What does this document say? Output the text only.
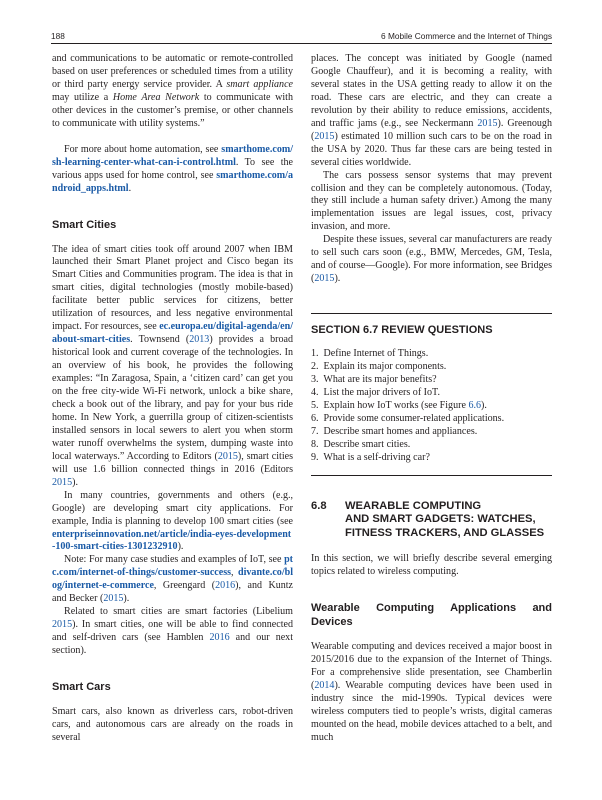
188	6 Mobile Commerce and the Internet of Things

and communications to be automatic or remote-controlled based on user preferences or scheduled times from a utility or third party energy service provider. A smart appliance may utilize a Home Area Network to communicate with other devices in the customer’s premise, or other channels to communicate with utility systems.”

For more about home automation, see smarthome.com/sh-learning-center-what-can-i-control.html. To see the various apps used for home control, see smarthome.com/android_apps.html.

Smart Cities

The idea of smart cities took off around 2007 when IBM launched their Smart Planet project and Cisco began its Smart Cities and Communities program. The idea is that in smart cities, digital technologies (mostly mobile-based) facilitate better public services for citizens, better utilization of resources, and less negative environmental impact. For resources, see ec.europa.eu/digital-agenda/en/about-smart-cities. Townsend (2013) provides a broad historical look and current coverage of the technologies. In an overview of his book, he provides the following examples: “In Zaragosa, Spain, a ‘citizen card’ can get you on the free city-wide Wi-Fi network, unlock a bike share, check a book out of the library, and pay for your bus ride home. In New York, a guerrilla group of citizen-scientists installed sensors in local sewers to alert you when storm water runoff overwhelms the system, dumping waste into local waterways.” According to Editors (2015), smart cities will use 1.6 billion connected things in 2016 (Editors 2015).

In many countries, governments and others (e.g., Google) are developing smart city applications. For example, India is planning to develop 100 smart cities (see enterpriseinnovation.net/article/india-eyes-development-100-smart-cities-1301232910).

Note: For many case studies and examples of IoT, see ptc.com/internet-of-things/customer-success, divante.co/blog/internet-e-commerce, Greengard (2016), and Kuntz and Becker (2015).

Related to smart cities are smart factories (Libelium 2015). In smart cities, one will be able to find connected and self-driven cars (see Hamblen 2016 and our next section).

Smart Cars

Smart cars, also known as driverless cars, robot-driven cars, and autonomous cars are already on the roads in several

places. The concept was initiated by Google (named Google Chauffeur), and it is becoming a reality, with several states in the USA getting ready to allow it on the road. These cars are electric, and they can create a revolution by their ability to reduce emissions, accidents, and traffic jams (e.g., see Neckermann 2015). Greenough (2015) estimated 10 million such cars to be on the road in the USA by 2020. Thus far these cars are being tested in several cities worldwide.

The cars possess sensor systems that may prevent collision and they can be completely autonomous. (Today, they still include a human safety driver.) Among the many implementation issues are legal issues, cost, privacy invasion, and more.

Despite these issues, several car manufacturers are ready to sell such cars soon (e.g., BMW, Mercedes, GM, Tesla, and of course—Google). For more information, see Bridges (2015).

SECTION 6.7 REVIEW QUESTIONS
1. Define Internet of Things.
2. Explain its major components.
3. What are its major benefits?
4. List the major drivers of IoT.
5. Explain how IoT works (see Figure 6.6).
6. Provide some consumer-related applications.
7. Describe smart homes and appliances.
8. Describe smart cities.
9. What is a self-driving car?
6.8	WEARABLE COMPUTING
AND SMART GADGETS: WATCHES,
FITNESS TRACKERS, AND GLASSES

In this section, we will briefly describe several emerging topics related to wireless computing.

Wearable Computing Applications and Devices

Wearable computing and devices received a major boost in 2015/2016 due to the expansion of the Internet of Things. For a comprehensive slide presentation, see Chamberlin (2014). Wearable computing devices have been used in industry since the mid-1990s. Typical devices were wireless computers tied to people’s wrists, digital cameras mounted on the head, mobile devices attached to a belt, and much
